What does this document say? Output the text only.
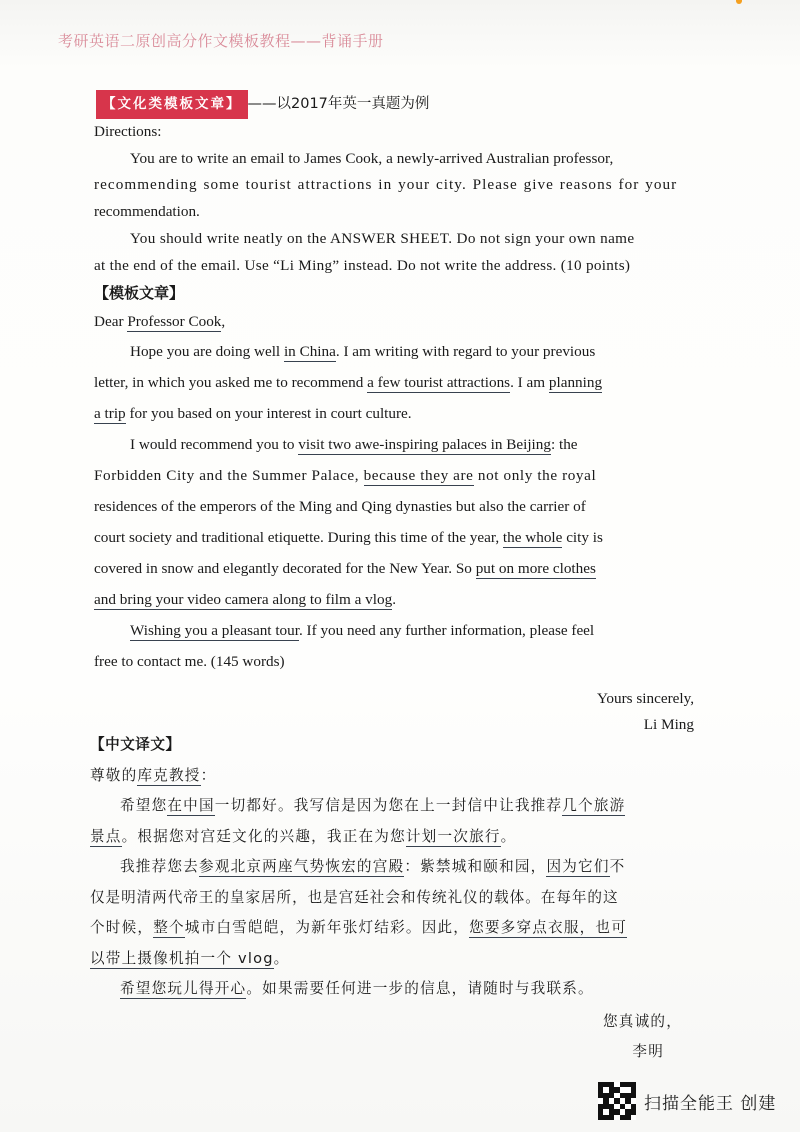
考研英语二原创高分作文模板教程——背诵手册
【文化类模板文章】 ——以2017年英一真题为例
Directions:
You are to write an email to James Cook, a newly-arrived Australian professor,
recommending some tourist attractions in your city. Please give reasons for your
recommendation.
You should write neatly on the ANSWER SHEET. Do not sign your own name
at the end of the email. Use “Li Ming” instead. Do not write the address. (10 points)
【模板文章】
Dear Professor Cook,
Hope you are doing well in China. I am writing with regard to your previous
letter, in which you asked me to recommend a few tourist attractions. I am planning
a trip for you based on your interest in court culture.
I would recommend you to visit two awe-inspiring palaces in Beijing: the
Forbidden City and the Summer Palace, because they are not only the royal
residences of the emperors of the Ming and Qing dynasties but also the carrier of
court society and traditional etiquette. During this time of the year, the whole city is
covered in snow and elegantly decorated for the New Year. So put on more clothes
and bring your video camera along to film a vlog.
Wishing you a pleasant tour. If you need any further information, please feel
free to contact me. (145 words)
Yours sincerely,
Li Ming
【中文译文】
尊敬的库克教授：
希望您在中国一切都好。我写信是因为您在上一封信中让我推荐几个旅游
景点。根据您对宫廷文化的兴趣，我正在为您计划一次旅行。
我推荐您去参观北京两座气势恢宏的宫殿：紫禁城和颐和园，因为它们不
仅是明清两代帝王的皇家居所，也是宫廷社会和传统礼仪的载体。在每年的这
个时候，整个城市白雪皑皑，为新年张灯结彩。因此，您要多穿点衣服，也可
以带上摄像机拍一个 vlog。
希望您玩儿得开心。如果需要任何进一步的信息，请随时与我联系。
您真诚的，
李明
扫描全能王 创建
